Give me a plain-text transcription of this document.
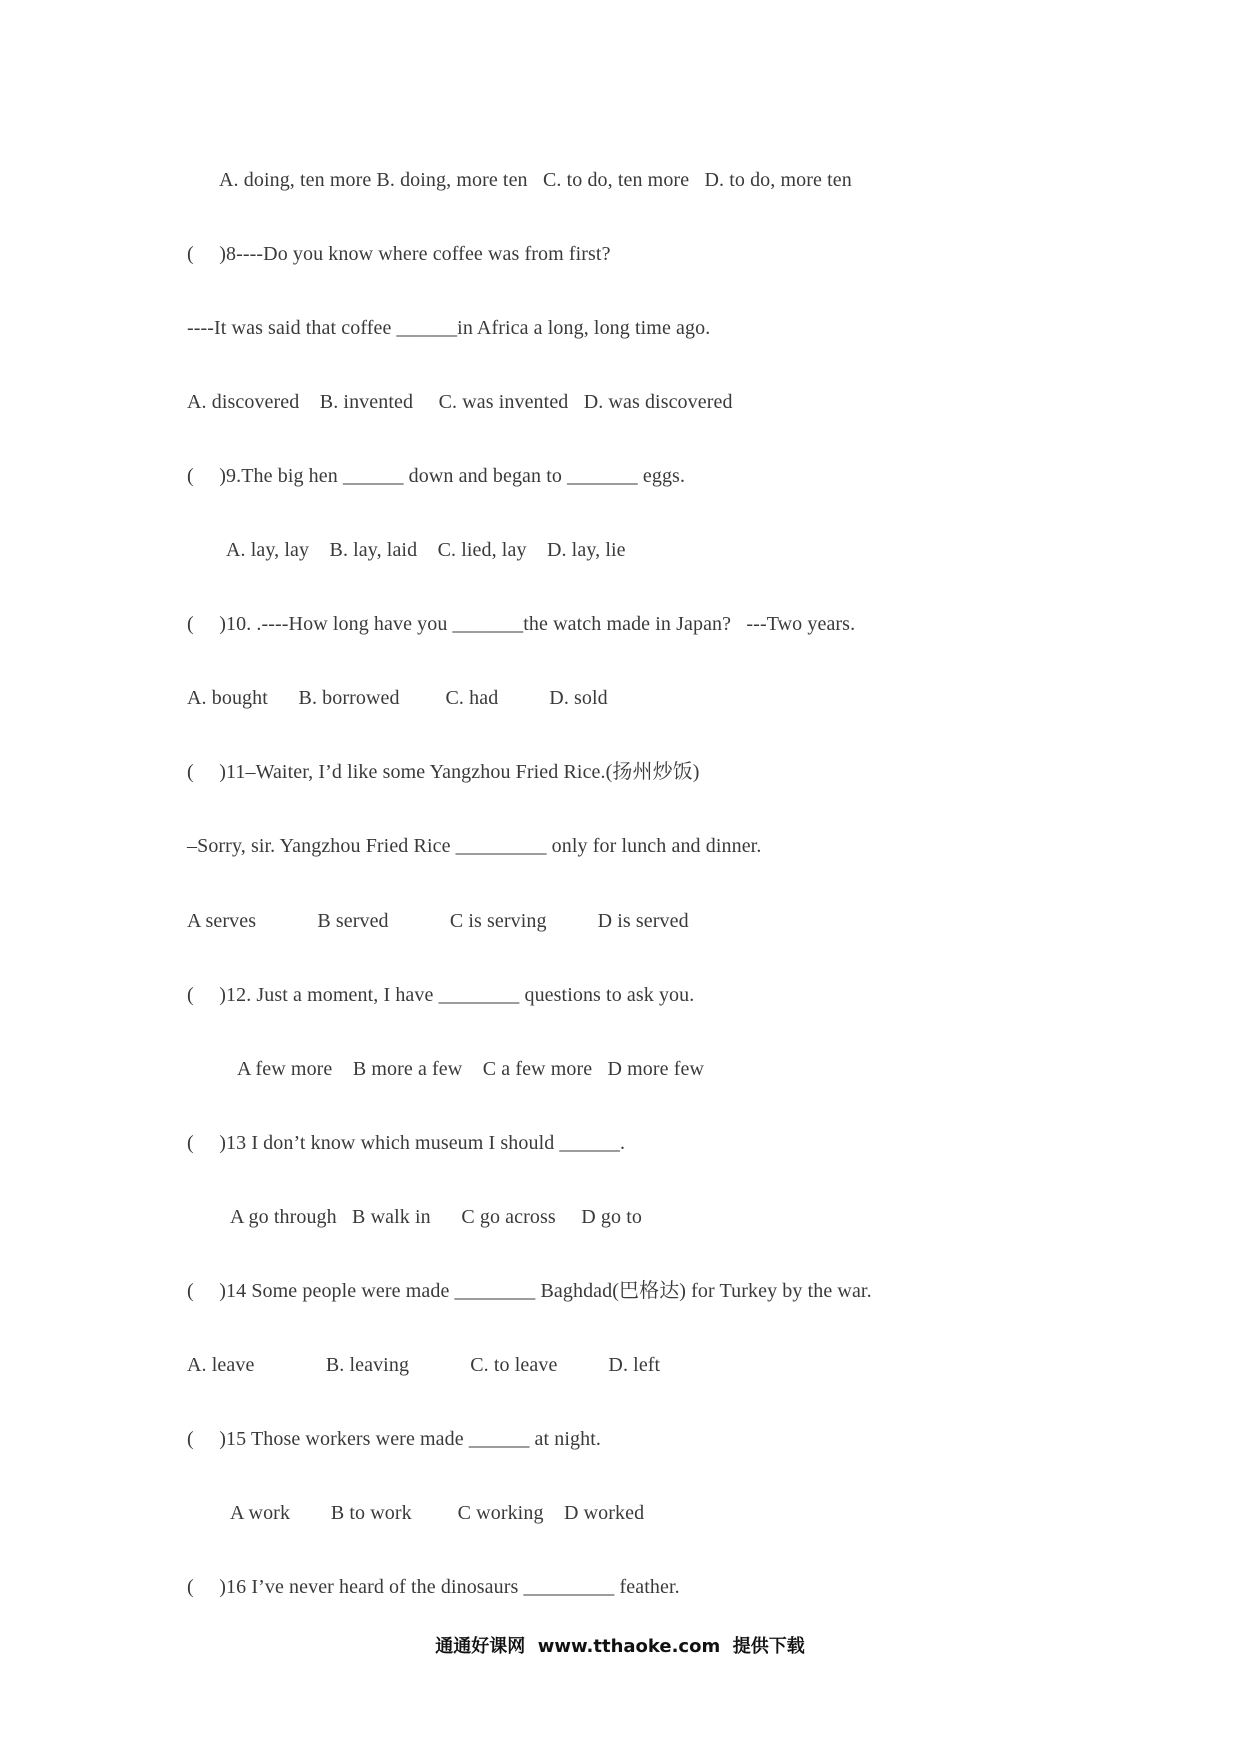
A. doing, ten more B. doing, more ten   C. to do, ten more   D. to do, more ten
(     )8----Do you know where coffee was from first?
----It was said that coffee ______in Africa a long, long time ago.
A. discovered    B. invented     C. was invented   D. was discovered
(     )9.The big hen ______ down and began to _______ eggs.
A. lay, lay    B. lay, laid    C. lied, lay    D. lay, lie
(     )10. .----How long have you _______the watch made in Japan?   ---Two years.
A. bought      B. borrowed         C. had          D. sold
(     )11–Waiter, I’d like some Yangzhou Fried Rice.(扬州炒饭)
–Sorry, sir. Yangzhou Fried Rice _________ only for lunch and dinner.
A serves            B served            C is serving          D is served
(     )12. Just a moment, I have ________ questions to ask you.
A few more    B more a few    C a few more   D more few
(     )13 I don’t know which museum I should ______.
A go through   B walk in      C go across     D go to
(     )14 Some people were made ________ Baghdad(巴格达) for Turkey by the war.
A. leave              B. leaving            C. to leave          D. left
(     )15 Those workers were made ______ at night.
A work        B to work         C working    D worked
(     )16 I’ve never heard of the dinosaurs _________ feather.
通通好课网  www.tthaoke.com  提供下载
